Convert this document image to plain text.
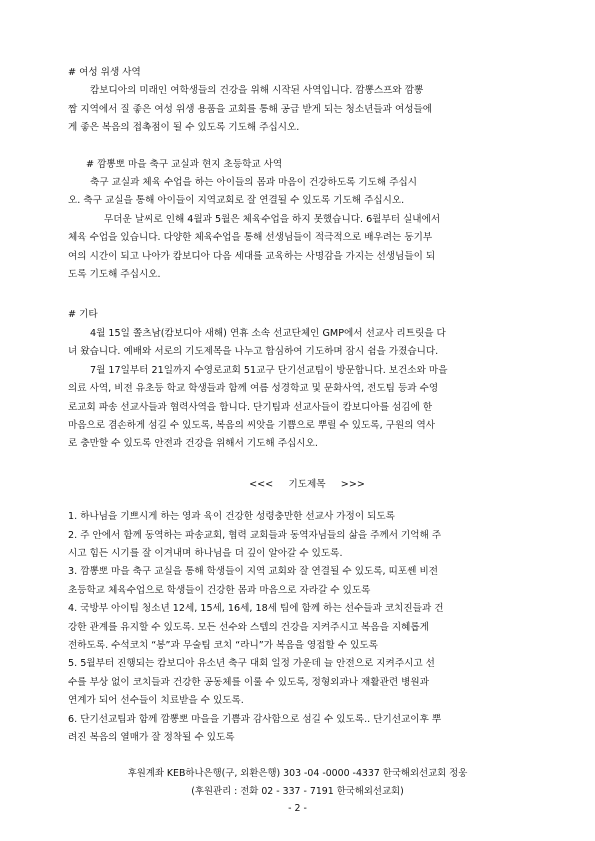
# 여성 위생 사역

캄보디아의 미래인 여학생들의 건강을 위해 시작된 사역입니다. 깜뽕스프와 깜뽕

짬 지역에서 질 좋은 여성 위생 용품을 교회를 통해 공급 받게 되는 청소년들과 여성들에

게 좋은 복음의 접촉점이 될 수 있도록 기도해 주십시오.

# 깜뽕뽀 마을 축구 교실과 현지 초등학교 사역

축구 교실과 체육 수업을 하는 아이들의 몸과 마음이 건강하도록 기도해 주십시

오. 축구 교실을 통해 아이들이 지역교회로 잘 연결될 수 있도록 기도해 주십시오.

무더운 날씨로 인해 4월과 5월은 체육수업을 하지 못했습니다. 6월부터 실내에서

체육 수업을 있습니다. 다양한 체육수업을 통해 선생님들이 적극적으로 배우려는 동기부

여의 시간이 되고 나아가 캄보디아 다음 세대를 교육하는 사명감을 가지는 선생님들이 되

도록 기도해 주십시오.

# 기타

4월 15일 쫄츠남(캄보디아 새해) 연휴 소속 선교단체인 GMP에서 선교사 리트릿을 다

녀 왔습니다. 예배와 서로의 기도제목을 나누고 합심하여 기도하며 잠시 쉼을 가졌습니다.

7월 17일부터 21일까지 수영로교회 51교구 단기선교팀이 방문합니다. 보건소와 마을

의료 사역, 비전 유초등 학교 학생들과 함께 여름 성경학교 및 문화사역, 전도팀 등과 수영

로교회 파송 선교사들과 협력사역을 합니다. 단기팀과 선교사들이 캄보디아를 섬김에 한

마음으로 겸손하게 섬길 수 있도록, 복음의 씨앗을 기쁨으로 뿌릴 수 있도록, 구원의 역사

로 충만할 수 있도록 안전과 건강을 위해서 기도해 주십시오.

<<<     기도제목     >>>

1. 하나님을 기쁘시게 하는 영과 육이 건강한 성령충만한 선교사 가정이 되도록

2. 주 안에서 함께 동역하는 파송교회, 협력 교회들과 동역자님들의 삶을 주께서 기억해 주

시고 힘든 시기를 잘 이겨내며 하나님을 더 깊이 알아갈 수 있도록.

3. 깜뽕뽀 마을 축구 교실을 통해 학생들이 지역 교회와 잘 연결될 수 있도록, 띠포쎈 비전

초등학교 체육수업으로 학생들이 건강한 몸과 마음으로 자라갈 수 있도록

4. 국방부 아이팀 청소년 12세, 15세, 16세, 18세 팀에 함께 하는 선수들과 코치진들과 건

강한 관계를 유지할 수 있도록. 모든 선수와 스텝의 건강을 지켜주시고 복음을 지혜롭게

전하도록. 수석코치 “봉”과 무술팀 코치 “라니”가 복음을 영접할 수 있도록

5. 5월부터 진행되는 캄보디아 유소년 축구 대회 일정 가운데 늘 안전으로 지켜주시고 선

수를 부상 없이 코치들과 건강한 공동체를 이룰 수 있도록, 정형외과나 재활관련 병원과

연계가 되어 선수들이 치료받을 수 있도록.

6. 단기선교팀과 함께 깜뽕뽀 마을을 기쁨과 감사함으로 섬길 수 있도록.. 단기선교이후 뿌

려진 복음의 열매가 잘 정착될 수 있도록

후원계좌 KEB하나은행(구, 외환은행) 303 -04 -0000 -4337 한국해외선교회 정웅
(후원관리 : 전화 02 - 337 - 7191 한국해외선교회)
- 2 -
